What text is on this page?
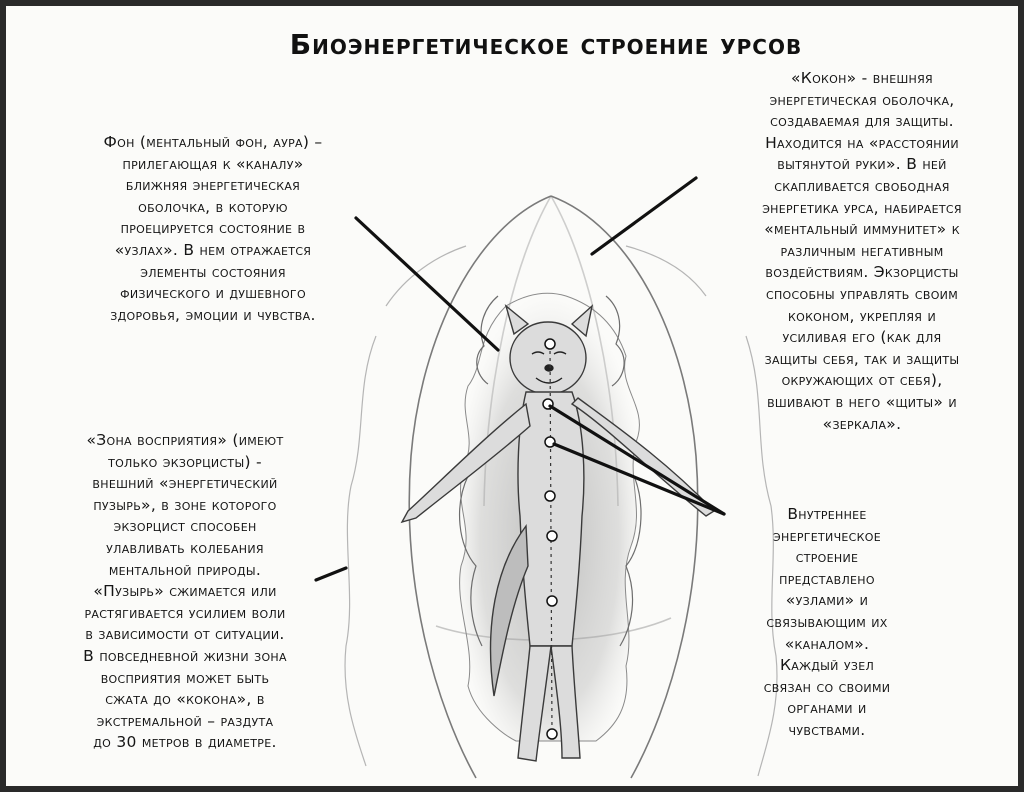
Биоэнергетическое строение урсов
Фон (ментальный фон, аура) –
прилегающая к «каналу»
ближняя энергетическая
оболочка, в которую
проецируется состояние в
«узлах». В нем отражается
элементы состояния
физического и душевного
здоровья, эмоции и чувства.
«Кокон» - внешняя
энергетическая оболочка,
создаваемая для защиты.
Находится на «расстоянии
вытянутой руки». В ней
скапливается свободная
энергетика урса, набирается
«ментальный иммунитет» к
различным негативным
воздействиям. Экзорцисты
способны управлять своим
коконом, укрепляя и
усиливая его (как для
защиты себя, так и защиты
окружающих от себя),
вшивают в него «щиты» и
«зеркала».
«Зона восприятия» (имеют
только экзорцисты) -
внешний «энергетический
пузырь», в зоне которого
экзорцист способен
улавливать колебания
ментальной природы.
«Пузырь» сжимается или
растягивается усилием воли
в зависимости от ситуации.
В повседневной жизни зона
восприятия может быть
сжата до «кокона», в
экстремальной – раздута
до 30 метров в диаметре.
Внутреннее
энергетическое
строение
представлено
«узлами» и
связывающим их
«каналом».
Каждый узел
связан со своими
органами и
чувствами.
